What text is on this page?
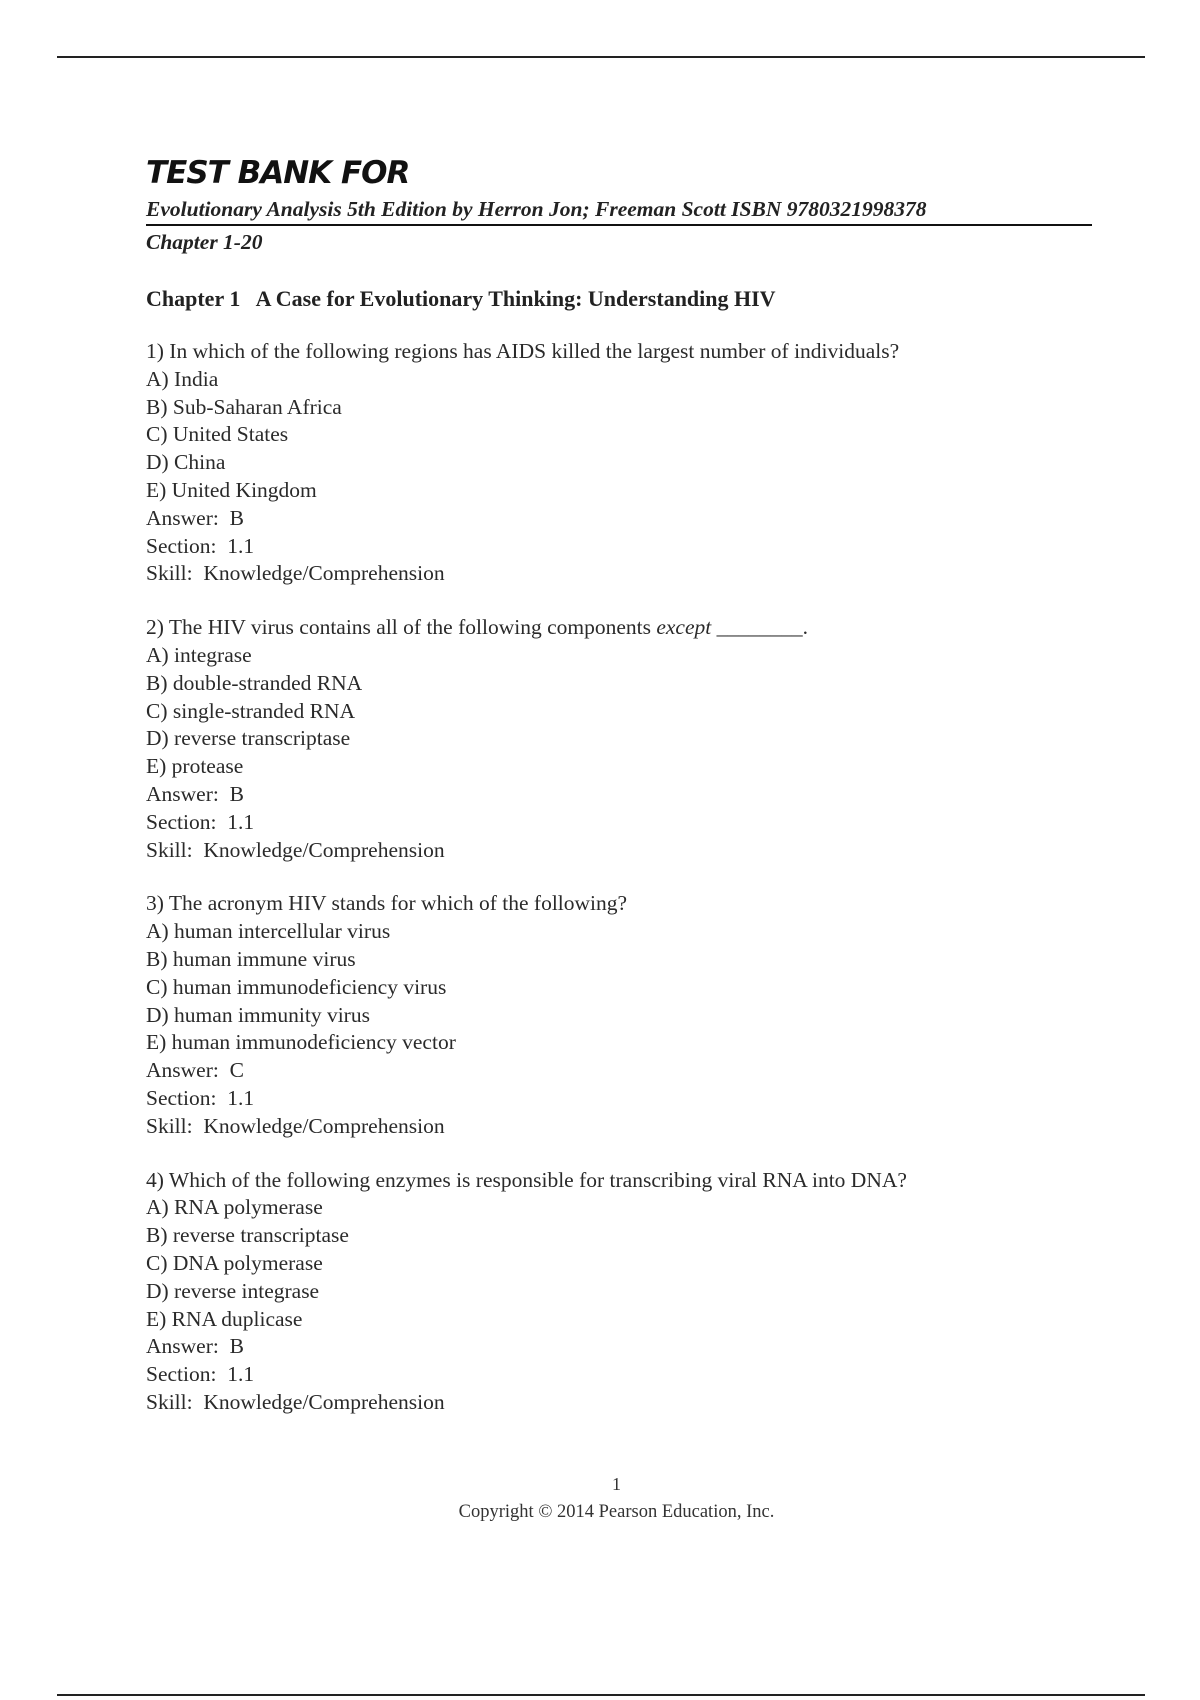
TEST BANK FOR
Evolutionary Analysis 5th Edition by Herron Jon; Freeman Scott ISBN 9780321998378
Chapter 1-20
Chapter 1   A Case for Evolutionary Thinking: Understanding HIV
1) In which of the following regions has AIDS killed the largest number of individuals?
A) India
B) Sub-Saharan Africa
C) United States
D) China
E) United Kingdom
Answer:  B
Section:  1.1
Skill:  Knowledge/Comprehension
2) The HIV virus contains all of the following components except ________.
A) integrase
B) double-stranded RNA
C) single-stranded RNA
D) reverse transcriptase
E) protease
Answer:  B
Section:  1.1
Skill:  Knowledge/Comprehension
3) The acronym HIV stands for which of the following?
A) human intercellular virus
B) human immune virus
C) human immunodeficiency virus
D) human immunity virus
E) human immunodeficiency vector
Answer:  C
Section:  1.1
Skill:  Knowledge/Comprehension
4) Which of the following enzymes is responsible for transcribing viral RNA into DNA?
A) RNA polymerase
B) reverse transcriptase
C) DNA polymerase
D) reverse integrase
E) RNA duplicase
Answer:  B
Section:  1.1
Skill:  Knowledge/Comprehension
1
Copyright © 2014 Pearson Education, Inc.
